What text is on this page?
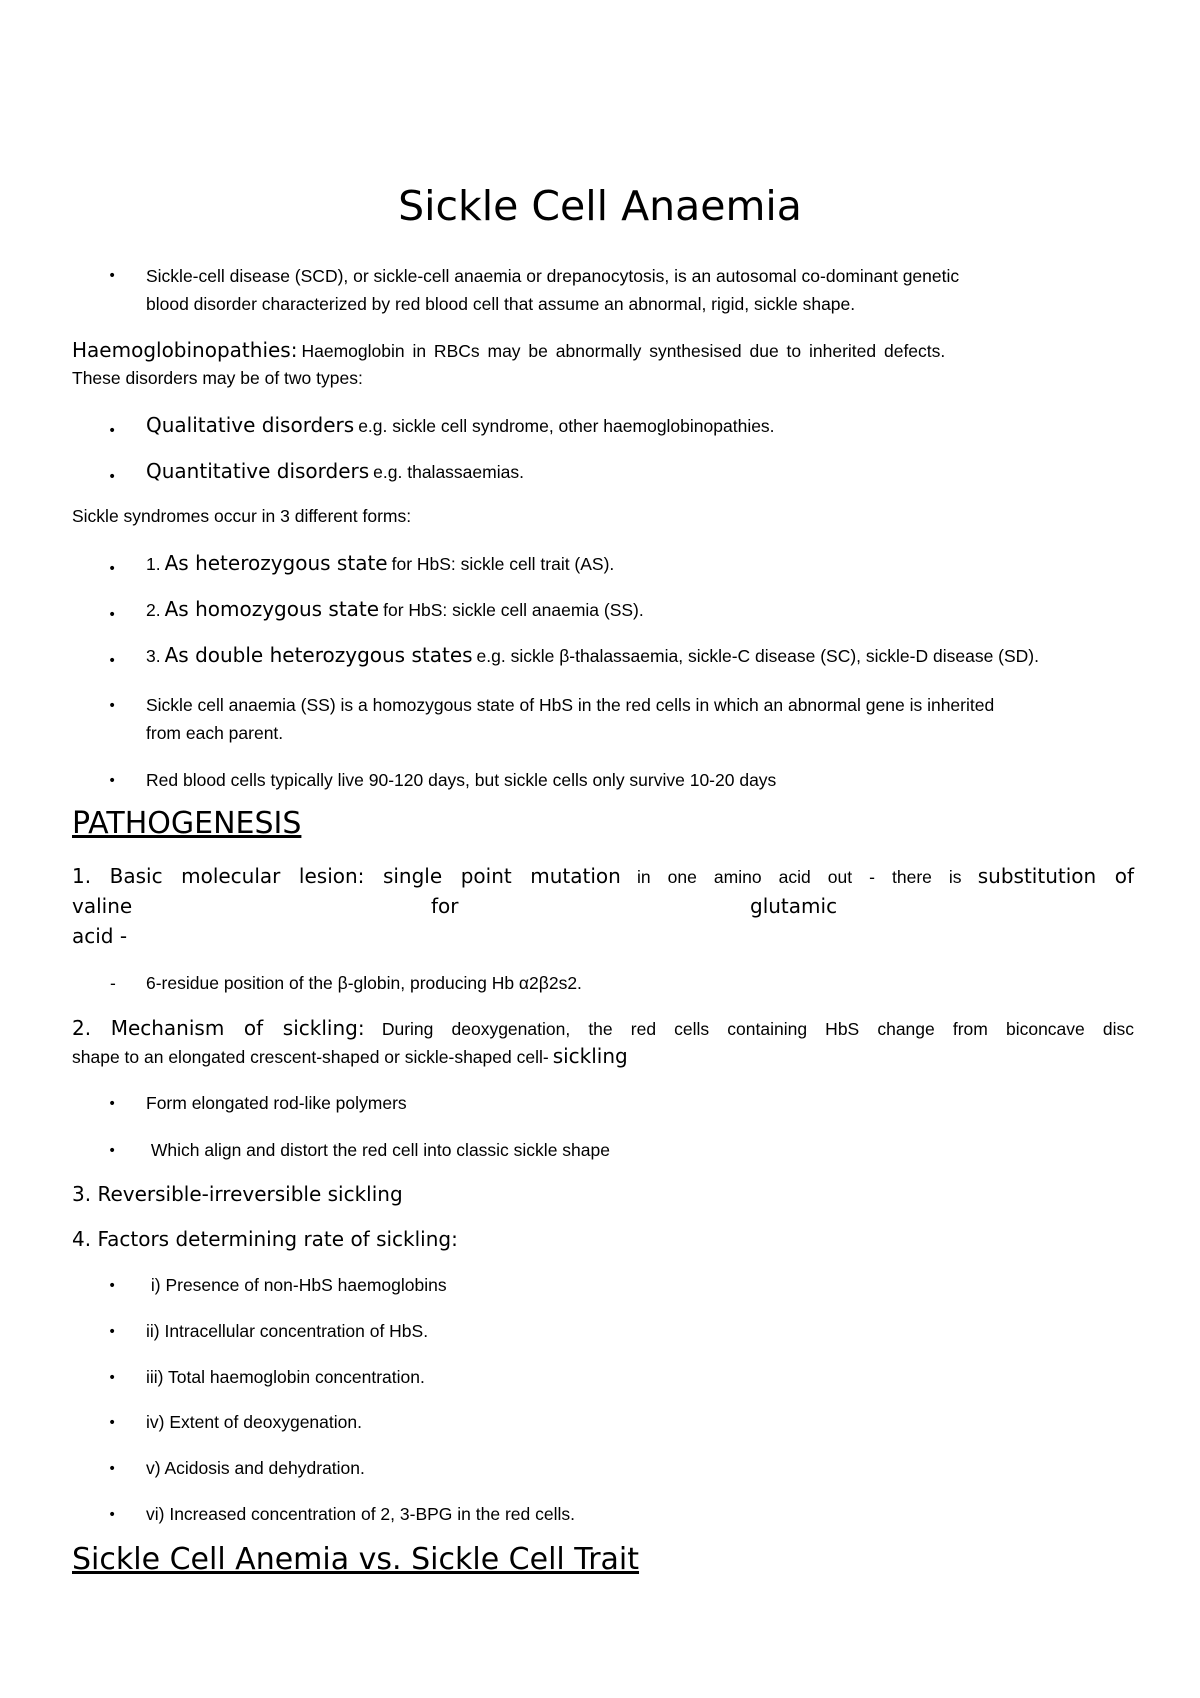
Sickle Cell Anaemia
• Sickle-cell disease (SCD), or sickle-cell anaemia or drepanocytosis, is an autosomal co-dominant genetic
blood disorder characterized by red blood cell that assume an abnormal, rigid, sickle shape.
Haemoglobinopathies: Haemoglobin in RBCs may be abnormally synthesised due to inherited defects.
These disorders may be of two types:
• Qualitative disorders e.g. sickle cell syndrome, other haemoglobinopathies.
• Quantitative disorders e.g. thalassaemias.
Sickle syndromes occur in 3 different forms:
• 1. As heterozygous state for HbS: sickle cell trait (AS).
• 2. As homozygous state for HbS: sickle cell anaemia (SS).
• 3. As double heterozygous states e.g. sickle β-thalassaemia, sickle-C disease (SC), sickle-D disease (SD).
• Sickle cell anaemia (SS) is a homozygous state of HbS in the red cells in which an abnormal gene is inherited
from each parent.
• Red blood cells typically live 90-120 days, but sickle cells only survive 10-20 days
PATHOGENESIS
1. Basic molecular lesion: single point mutation in one amino acid out - there is substitution of
valine	for	glutamic
acid -
- 6-residue position of the β-globin, producing Hb α2β2s2.
2. Mechanism of sickling: During deoxygenation, the red cells containing HbS change from biconcave disc
shape to an elongated crescent-shaped or sickle-shaped cell- sickling
• Form elongated rod-like polymers
• Which align and distort the red cell into classic sickle shape
3. Reversible-irreversible sickling
4. Factors determining rate of sickling:
• i) Presence of non-HbS haemoglobins
• ii) Intracellular concentration of HbS.
• iii) Total haemoglobin concentration.
• iv) Extent of deoxygenation.
• v) Acidosis and dehydration.
• vi) Increased concentration of 2, 3-BPG in the red cells.
Sickle Cell Anemia vs. Sickle Cell Trait
